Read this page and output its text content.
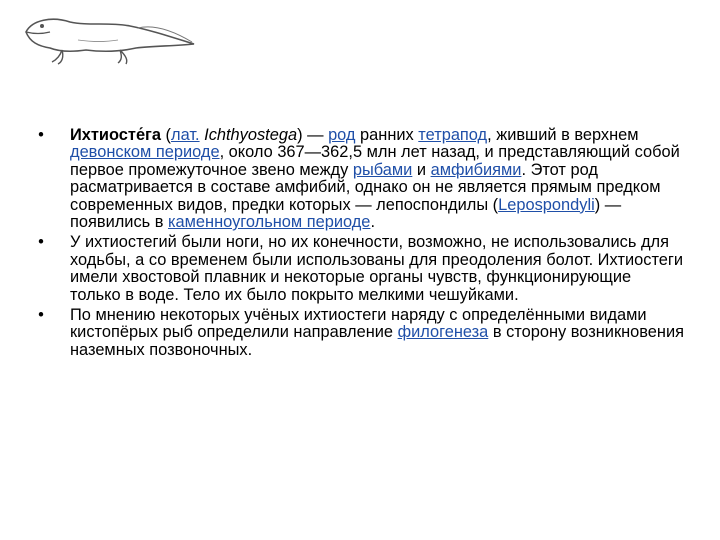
• Ихтиосте́га (лат. Ichthyostega) — род ранних тетрапод, живший в верхнем девонском периоде, около 367—362,5 млн лет назад, и представляющий собой первое промежуточное звено между рыбами и амфибиями. Этот род расматривается в составе амфибий, однако он не является прямым предком современных видов, предки которых — лепоспондилы (Lepospondyli) — появились в каменноугольном периоде.
• У ихтиостегий были ноги, но их конечности, возможно, не использовались для ходьбы, а со временем были использованы для преодоления болот. Ихтиостеги имели хвостовой плавник и некоторые органы чувств, функционирующие только в воде. Тело их было покрыто мелкими чешуйками.
• По мнению некоторых учёных ихтиостеги наряду с определёнными видами кистопёрых рыб определили направление филогенеза в сторону возникновения наземных позвоночных.
